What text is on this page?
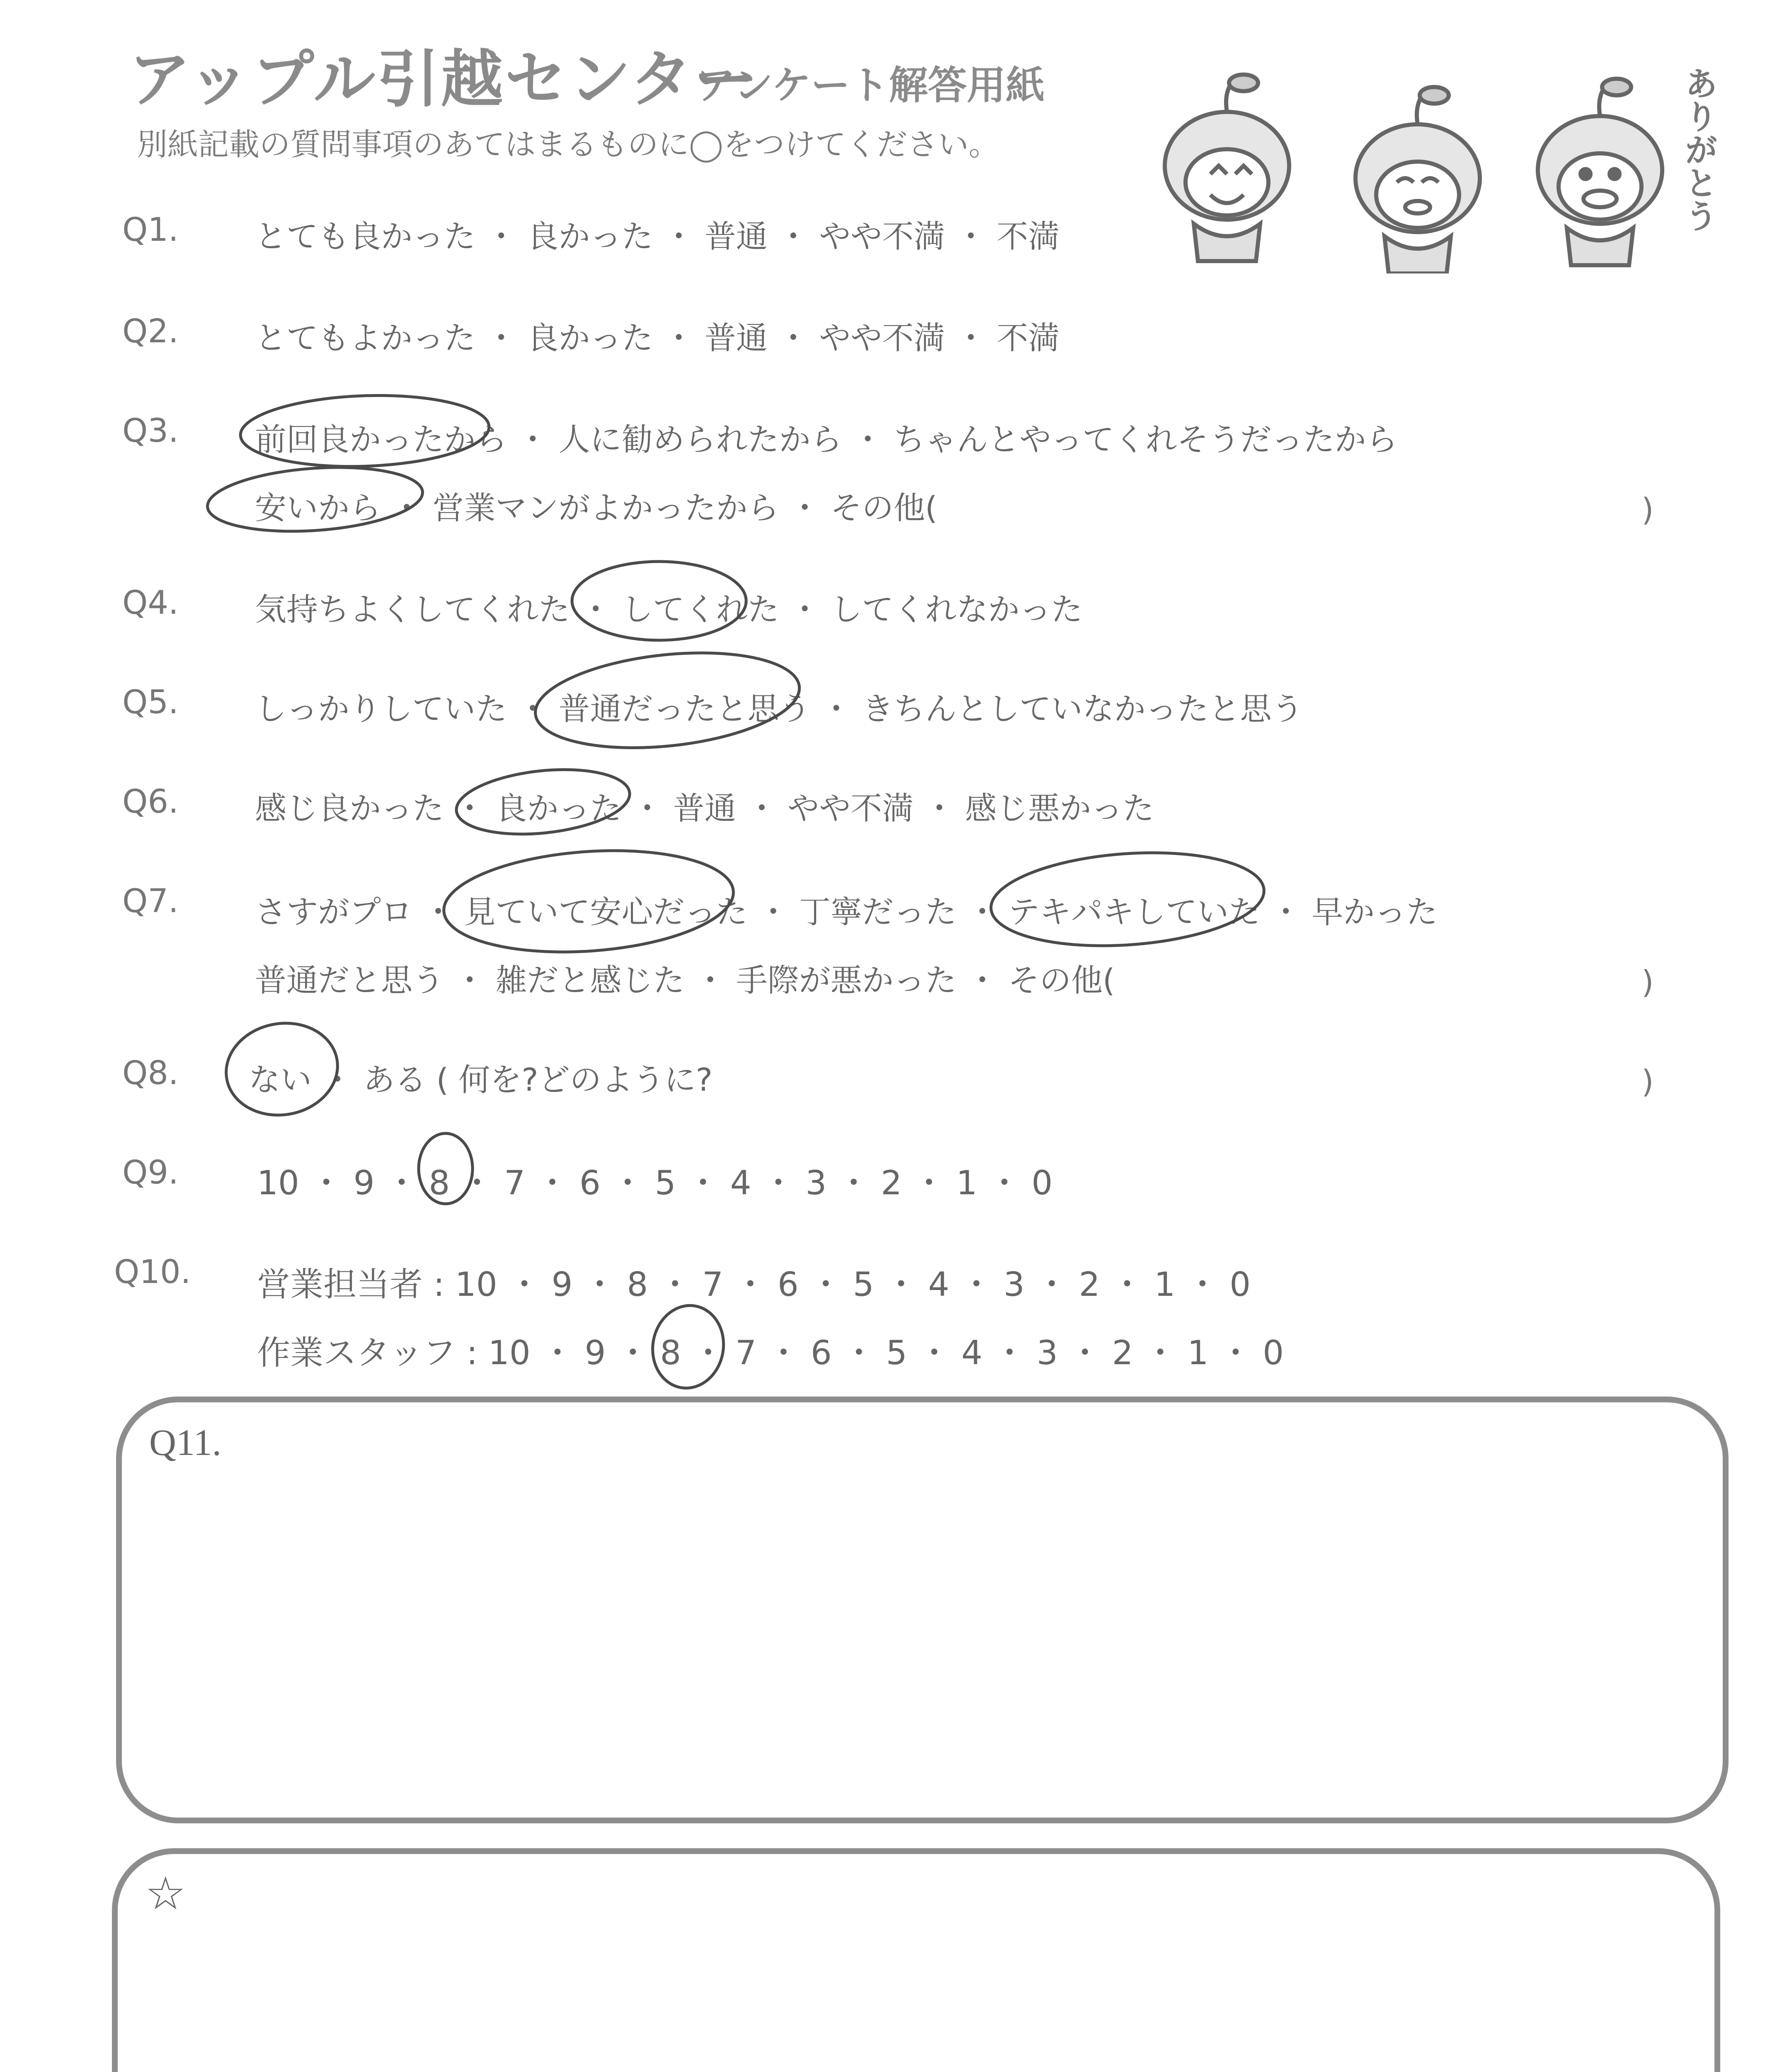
アップル引越センター
アンケート解答用紙
別紙記載の質問事項のあてはまるものに◯をつけてください。	ありがとう
Q1. とても良かった ・ 良かった ・ 普通 ・ やや不満 ・ 不満
Q2. とてもよかった ・ 良かった ・ 普通 ・ やや不満 ・ 不満
Q3. 前回良かったから ・ 人に勧められたから ・ ちゃんとやってくれそうだったから
安いから ・ 営業マンがよかったから ・ その他(	)
Q4. 気持ちよくしてくれた ・ してくれた ・ してくれなかった
Q5. しっかりしていた ・ 普通だったと思う ・ きちんとしていなかったと思う
Q6. 感じ良かった ・ 良かった ・ 普通 ・ やや不満 ・ 感じ悪かった
Q7. さすがプロ ・ 見ていて安心だった ・ 丁寧だった ・ テキパキしていた ・ 早かった
普通だと思う ・ 雑だと感じた ・ 手際が悪かった ・ その他(	)
Q8. ない ・ ある ( 何を?どのように?	)
Q9. 10 ・ 9 ・ 8 ・ 7 ・ 6 ・ 5 ・ 4 ・ 3 ・ 2 ・ 1 ・ 0
Q10. 営業担当者 : 10 ・ 9 ・ 8 ・ 7 ・ 6 ・ 5 ・ 4 ・ 3 ・ 2 ・ 1 ・ 0
作業スタッフ : 10 ・ 9 ・ 8 ・ 7 ・ 6 ・ 5 ・ 4 ・ 3 ・ 2 ・ 1 ・ 0
Q11.
☆
